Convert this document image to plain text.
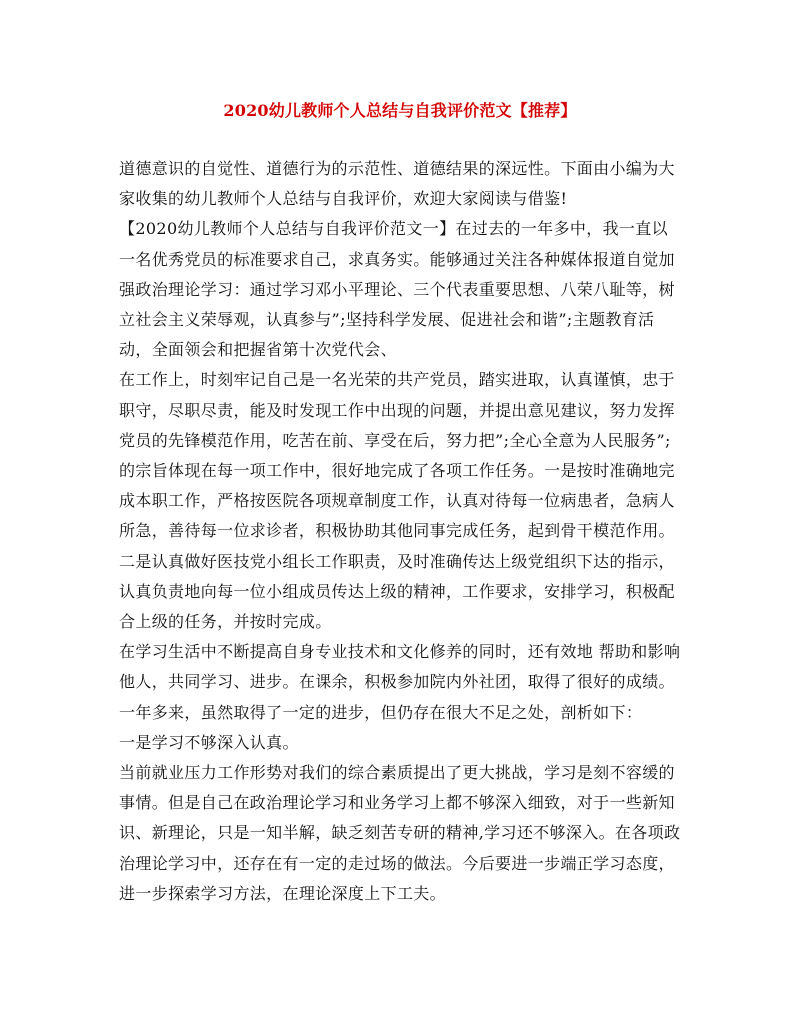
2020幼儿教师个人总结与自我评价范文【推荐】

道德意识的自觉性、道德行为的示范性、道德结果的深远性。下面由小编为大家收集的幼儿教师个人总结与自我评价，欢迎大家阅读与借鉴!

【2020幼儿教师个人总结与自我评价范文一】在过去的一年多中，我一直以一名优秀党员的标准要求自己，求真务实。能够通过关注各种媒体报道自觉加强政治理论学习：通过学习邓小平理论、三个代表重要思想、八荣八耻等，树立社会主义荣辱观，认真参与”;坚持科学发展、促进社会和谐”;主题教育活动，全面领会和把握省第十次党代会、

在工作上，时刻牢记自己是一名光荣的共产党员，踏实进取，认真谨慎，忠于职守，尽职尽责，能及时发现工作中出现的问题，并提出意见建议，努力发挥党员的先锋模范作用，吃苦在前、享受在后，努力把”;全心全意为人民服务”;的宗旨体现在每一项工作中，很好地完成了各项工作任务。一是按时准确地完成本职工作，严格按医院各项规章制度工作，认真对待每一位病患者，急病人所急，善待每一位求诊者，积极协助其他同事完成任务，起到骨干模范作用。二是认真做好医技党小组长工作职责，及时准确传达上级党组织下达的指示，认真负责地向每一位小组成员传达上级的精神，工作要求，安排学习，积极配合上级的任务，并按时完成。

在学习生活中不断提高自身专业技术和文化修养的同时，还有效地 帮助和影响他人，共同学习、进步。在课余，积极参加院内外社团，取得了很好的成绩。

一年多来，虽然取得了一定的进步，但仍存在很大不足之处，剖析如下：

一是学习不够深入认真。

当前就业压力工作形势对我们的综合素质提出了更大挑战，学习是刻不容缓的事情。但是自己在政治理论学习和业务学习上都不够深入细致，对于一些新知识、新理论，只是一知半解，缺乏刻苦专研的精神,学习还不够深入。在各项政治理论学习中，还存在有一定的走过场的做法。今后要进一步端正学习态度，进一步探索学习方法，在理论深度上下工夫。
